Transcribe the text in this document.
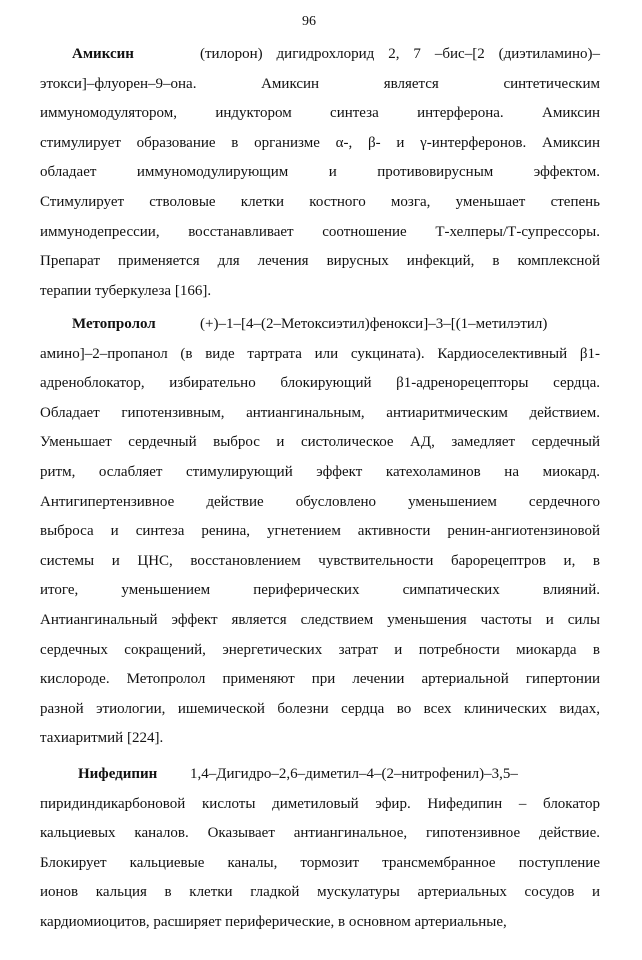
96
Амиксин	(тилорон) дигидрохлорид 2, 7 –бис–[2 (диэтиламино)–
этокси]–флуорен–9–она. Амиксин является синтетическим
иммуномодулятором, индуктором синтеза интерферона. Амиксин
стимулирует образование в организме α-, β- и γ-интерферонов. Амиксин
обладает иммуномодулирующим и противовирусным эффектом.
Стимулирует стволовые клетки костного мозга, уменьшает степень
иммунодепрессии, восстанавливает соотношение Т-хелперы/Т-супрессоры.
Препарат применяется для лечения вирусных инфекций, в комплексной
терапии туберкулеза [166].
Метопролол	(+)–1–[4–(2–Метоксиэтил)фенокси]–3–[(1–метилэтил)
амино]–2–пропанол (в виде тартрата или сукцината). Кардиоселективный β1-
адреноблокатор, избирательно блокирующий β1-адренорецепторы сердца.
Обладает гипотензивным, антиангинальным, антиаритмическим действием.
Уменьшает сердечный выброс и систолическое АД, замедляет сердечный
ритм, ослабляет стимулирующий эффект катехоламинов на миокард.
Антигипертензивное действие обусловлено уменьшением сердечного
выброса и синтеза ренина, угнетением активности ренин-ангиотензиновой
системы и ЦНС, восстановлением чувствительности барорецептров и, в
итоге, уменьшением периферических симпатических влияний.
Антиангинальный эффект является следствием уменьшения частоты и силы
сердечных сокращений, энергетических затрат и потребности миокарда в
кислороде. Метопролол применяют при лечении артериальной гипертонии
разной этиологии, ишемической болезни сердца во всех клинических видах,
тахиаритмий [224].
Нифедипин 1,4–Дигидро–2,6–диметил–4–(2–нитрофенил)–3,5–
пиридиндикарбоновой кислоты диметиловый эфир. Нифедипин – блокатор
кальциевых каналов. Оказывает антиангинальное, гипотензивное действие.
Блокирует кальциевые каналы, тормозит трансмембранное поступление
ионов кальция в клетки гладкой мускулатуры артериальных сосудов и
кардиомиоцитов, расширяет периферические, в основном артериальные,
